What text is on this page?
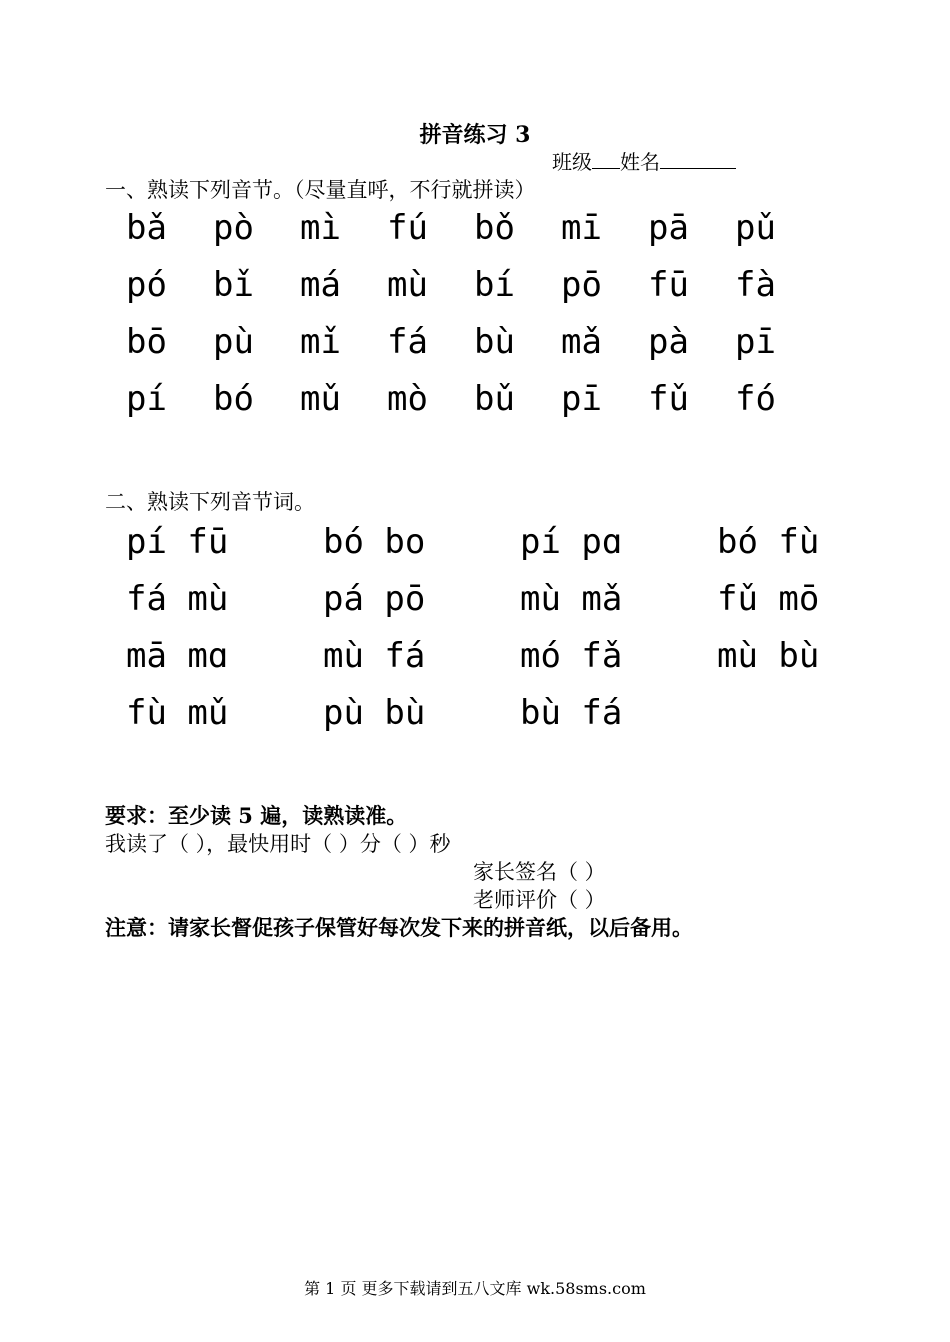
拼音练习 3
班级 姓名
一、熟读下列音节。（尽量直呼，不行就拼读）
bǎ	pò	mì	fú	bǒ	mī	pā	pǔ
pó	bǐ	má	mù	bí	pō	fū	fà
bō	pù	mǐ	fá	bù	mǎ	pà	pī
pí	bó	mǔ	mò	bǔ	pī	fǔ	fó
二、熟读下列音节词。
pí fū	bó bo	pí pɑ	bó fù
fá mù	pá pō	mù mǎ	fǔ mō
mā mɑ	mù fá	mó fǎ	mù bù
fù mǔ	pù bù	bù fá
要求：至少读 5 遍，读熟读准。
我读了（ ），最快用时（ ）分（ ）秒
家长签名（ ）
老师评价（ ）
注意：请家长督促孩子保管好每次发下来的拼音纸，以后备用。
第 1 页 更多下载请到五八文库 wk.58sms.com
